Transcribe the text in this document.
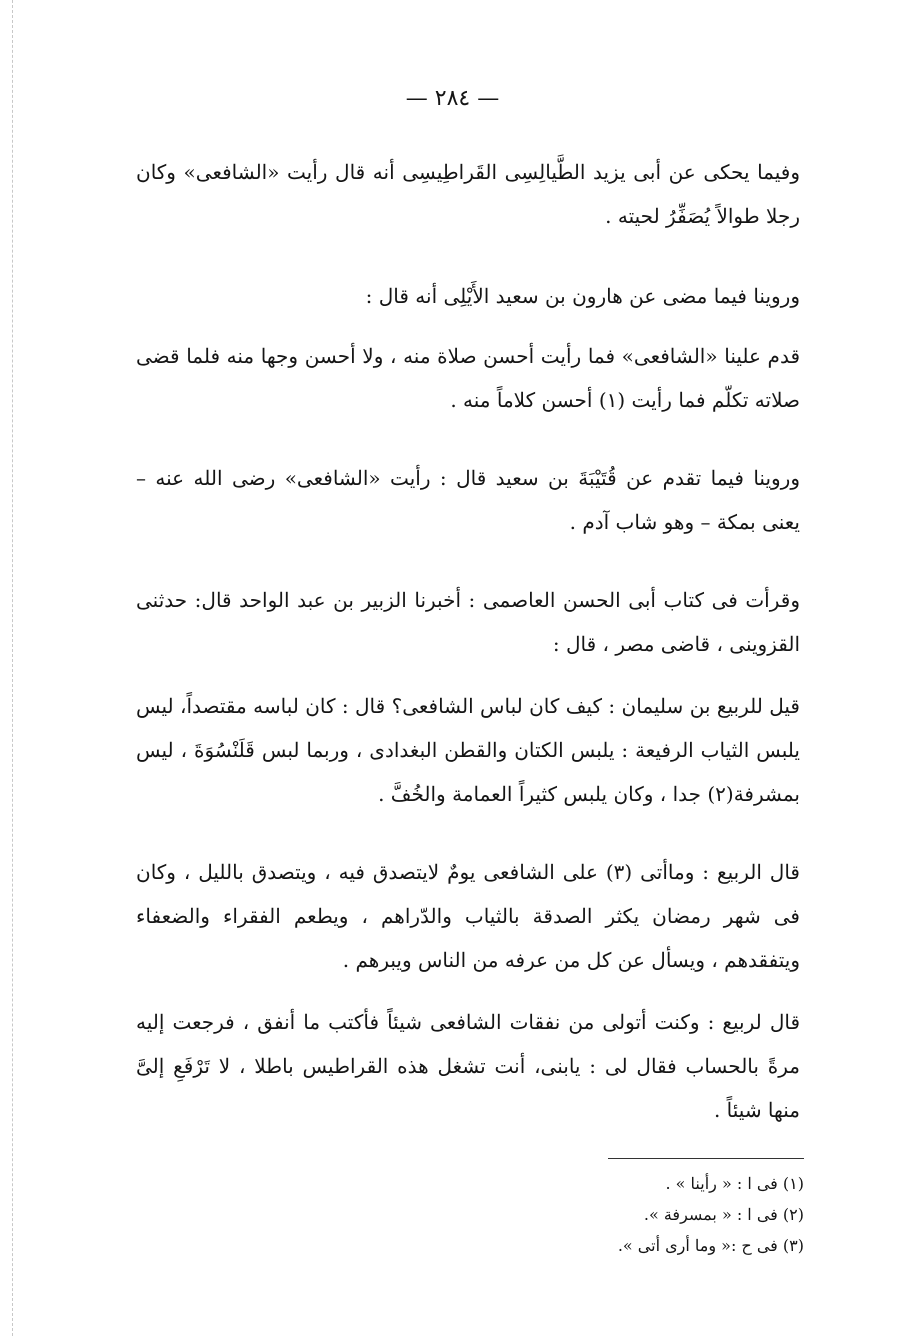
— ٢٨٤ —

وفيما يحكى عن أبى يزيد الطَّيالِسِى القَراطِيسِى أنه قال رأيت «الشافعى» وكان رجلا طوالاً يُصَفِّرُ لحيته .

وروينا فيما مضى عن هارون بن سعيد الأَيْلِى أنه قال :

قدم علينا «الشافعى» فما رأيت أحسن صلاة منه ، ولا أحسن وجها منه فلما قضى صلاته تكلّم فما رأيت (١) أحسن كلاماً منه .

وروينا فيما تقدم عن قُتَيْبَةَ بن سعيد قال : رأيت «الشافعى» رضى الله عنه – يعنى بمكة – وهو شاب آدم .

وقرأت فى كتاب أبى الحسن العاصمى : أخبرنا الزبير بن عبد الواحد قال: حدثنى القزوينى ، قاضى مصر ، قال :

قيل للربيع بن سليمان : كيف كان لباس الشافعى؟ قال : كان لباسه مقتصداً، ليس يلبس الثياب الرفيعة : يلبس الكتان والقطن البغدادى ، وربما لبس قَلَنْسُوَةَ ، ليس بمشرفة(٢) جدا ، وكان يلبس كثيراً العمامة والخُفَّ .

قال الربيع : وماأتى (٣) على الشافعى يومٌ لايتصدق فيه ، ويتصدق بالليل ، وكان فى شهر رمضان يكثر الصدقة بالثياب والدّراهم ، ويطعم الفقراء والضعفاء ويتفقدهم ، ويسأل عن كل من عرفه من الناس ويبرهم .

قال لربيع : وكنت أتولى من نفقات الشافعى شيئاً فأكتب ما أنفق ، فرجعت إليه مرةً بالحساب فقال لى : يابنى، أنت تشغل هذه القراطيس باطلا ، لا تَرْفَعِ إلىَّ منها شيئاً .

(١) فى ا : « رأينا » .

(٢) فى ا : « بمسرفة ».

(٣) فى ح :« وما أرى أتى ».
